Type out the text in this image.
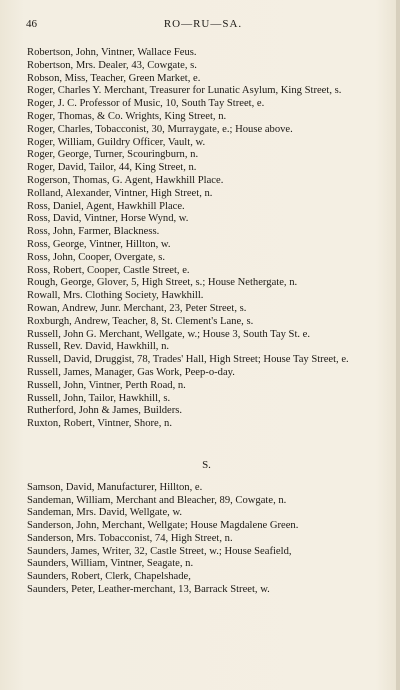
46	RO—RU—SA.
Robertson, John, Vintner, Wallace Feus.
Robertson, Mrs. Dealer, 43, Cowgate, s.
Robson, Miss, Teacher, Green Market, e.
Roger, Charles Y. Merchant, Treasurer for Lunatic Asylum, King Street, s.
Roger, J. C. Professor of Music, 10, South Tay Street, e.
Roger, Thomas, & Co. Wrights, King Street, n.
Roger, Charles, Tobacconist, 30, Murraygate, e.; House above.
Roger, William, Guildry Officer, Vault, w.
Roger, George, Turner, Scouringburn, n.
Roger, David, Tailor, 44, King Street, n.
Rogerson, Thomas, G. Agent, Hawkhill Place.
Rolland, Alexander, Vintner, High Street, n.
Ross, Daniel, Agent, Hawkhill Place.
Ross, David, Vintner, Horse Wynd, w.
Ross, John, Farmer, Blackness.
Ross, George, Vintner, Hillton, w.
Ross, John, Cooper, Overgate, s.
Ross, Robert, Cooper, Castle Street, e.
Rough, George, Glover, 5, High Street, s.; House Nethergate, n.
Rowall, Mrs. Clothing Society, Hawkhill.
Rowan, Andrew, Junr. Merchant, 23, Peter Street, s.
Roxburgh, Andrew, Teacher, 8, St. Clement's Lane, s.
Russell, John G. Merchant, Wellgate, w.; House 3, South Tay St. e.
Russell, Rev. David, Hawkhill, n.
Russell, David, Druggist, 78, Trades' Hall, High Street; House Tay Street, e.
Russell, James, Manager, Gas Work, Peep-o-day.
Russell, John, Vintner, Perth Road, n.
Russell, John, Tailor, Hawkhill, s.
Rutherford, John & James, Builders.
Ruxton, Robert, Vintner, Shore, n.
S.
Samson, David, Manufacturer, Hillton, e.
Sandeman, William, Merchant and Bleacher, 89, Cowgate, n.
Sandeman, Mrs. David, Wellgate, w.
Sanderson, John, Merchant, Wellgate; House Magdalene Green.
Sanderson, Mrs. Tobacconist, 74, High Street, n.
Saunders, James, Writer, 32, Castle Street, w.; House Seafield,
Saunders, William, Vintner, Seagate, n.
Saunders, Robert, Clerk, Chapelshade,
Saunders, Peter, Leather-merchant, 13, Barrack Street, w.
